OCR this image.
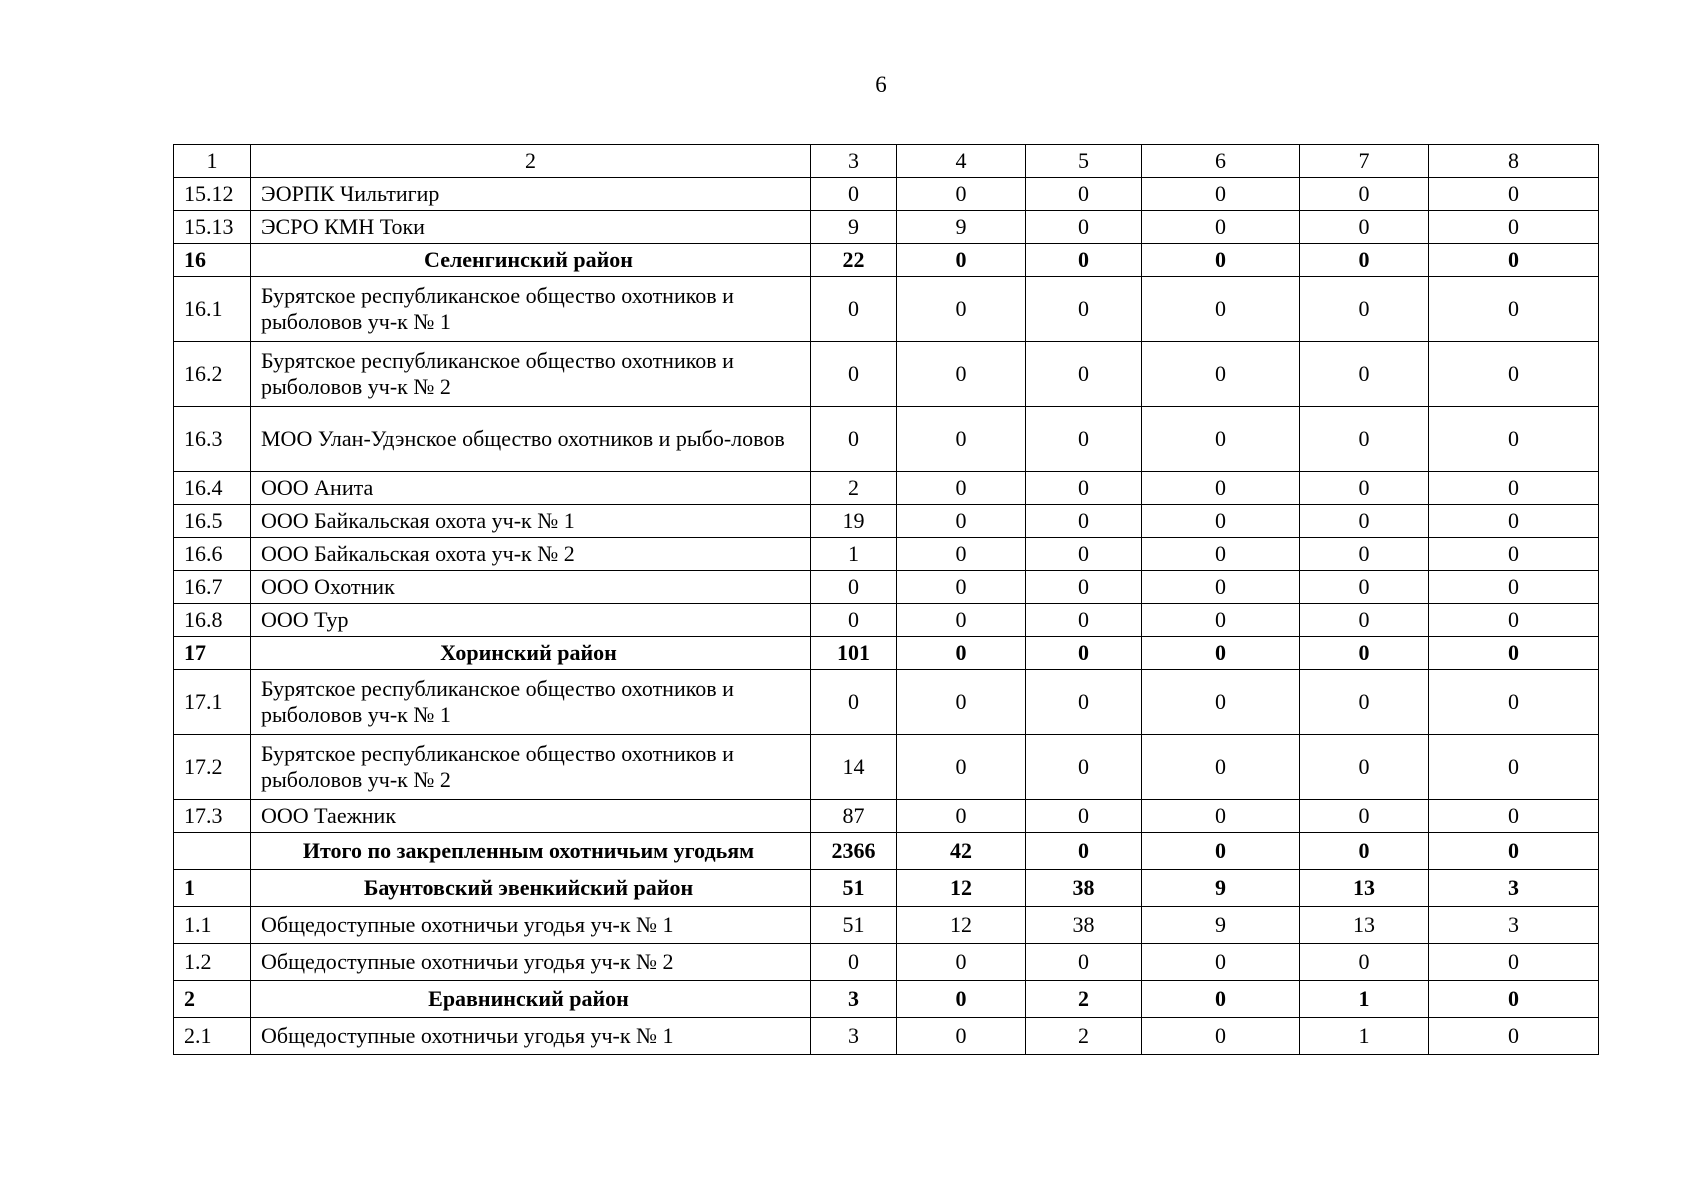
6
1	2	3	4	5	6	7	8
15.12	ЭОРПК Чильтигир	0	0	0	0	0	0
15.13	ЭСРО КМН Токи	9	9	0	0	0	0
16	Селенгинский район	22	0	0	0	0	0
16.1	Бурятское республиканское общество охотников и рыболовов уч-к № 1	0	0	0	0	0	0
16.2	Бурятское республиканское общество охотников и рыболовов уч-к № 2	0	0	0	0	0	0
16.3	МОО Улан-Удэнское общество охотников и рыбо-ловов	0	0	0	0	0	0
16.4	ООО Анита	2	0	0	0	0	0
16.5	ООО Байкальская охота уч-к № 1	19	0	0	0	0	0
16.6	ООО Байкальская охота уч-к № 2	1	0	0	0	0	0
16.7	ООО Охотник	0	0	0	0	0	0
16.8	ООО Тур	0	0	0	0	0	0
17	Хоринский район	101	0	0	0	0	0
17.1	Бурятское республиканское общество охотников и рыболовов уч-к № 1	0	0	0	0	0	0
17.2	Бурятское республиканское общество охотников и рыболовов уч-к № 2	14	0	0	0	0	0
17.3	ООО Таежник	87	0	0	0	0	0
	Итого по закрепленным охотничьим угодьям	2366	42	0	0	0	0
1	Баунтовский эвенкийский район	51	12	38	9	13	3
1.1	Общедоступные охотничьи угодья уч-к № 1	51	12	38	9	13	3
1.2	Общедоступные охотничьи угодья уч-к № 2	0	0	0	0	0	0
2	Еравнинский район	3	0	2	0	1	0
2.1	Общедоступные охотничьи угодья уч-к № 1	3	0	2	0	1	0
